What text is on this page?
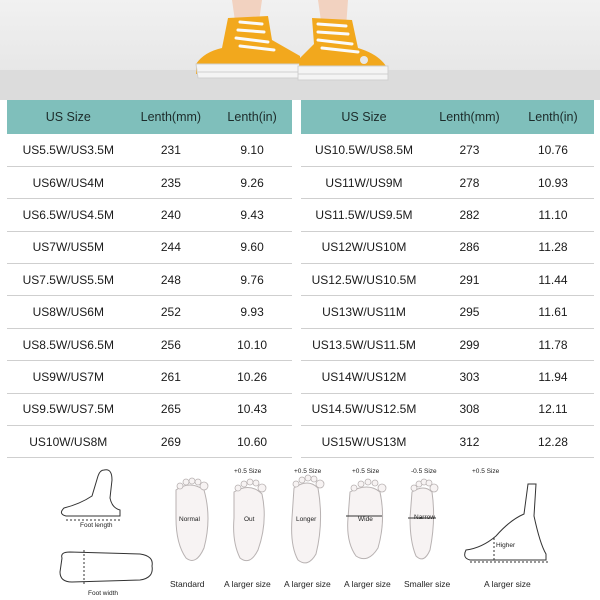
US Size	Lenth(mm)	Lenth(in)
US5.5W/US3.5M	231	9.10
US6W/US4M	235	9.26
US6.5W/US4.5M	240	9.43
US7W/US5M	244	9.60
US7.5W/US5.5M	248	9.76
US8W/US6M	252	9.93
US8.5W/US6.5M	256	10.10
US9W/US7M	261	10.26
US9.5W/US7.5M	265	10.43
US10W/US8M	269	10.60
US Size	Lenth(mm)	Lenth(in)
US10.5W/US8.5M	273	10.76
US11W/US9M	278	10.93
US11.5W/US9.5M	282	11.10
US12W/US10M	286	11.28
US12.5W/US10.5M	291	11.44
US13W/US11M	295	11.61
US13.5W/US11.5M	299	11.78
US14W/US12M	303	11.94
US14.5W/US12.5M	308	12.11
US15W/US13M	312	12.28
Foot length
Foot width
Normal	Out	Longer	Wide	Narrow
Higher
+0.5 Size	+0.5 Size	+0.5 Size	-0.5 Size	+0.5 Size
Standard A larger size A larger size A larger size Smaller size	A larger size
